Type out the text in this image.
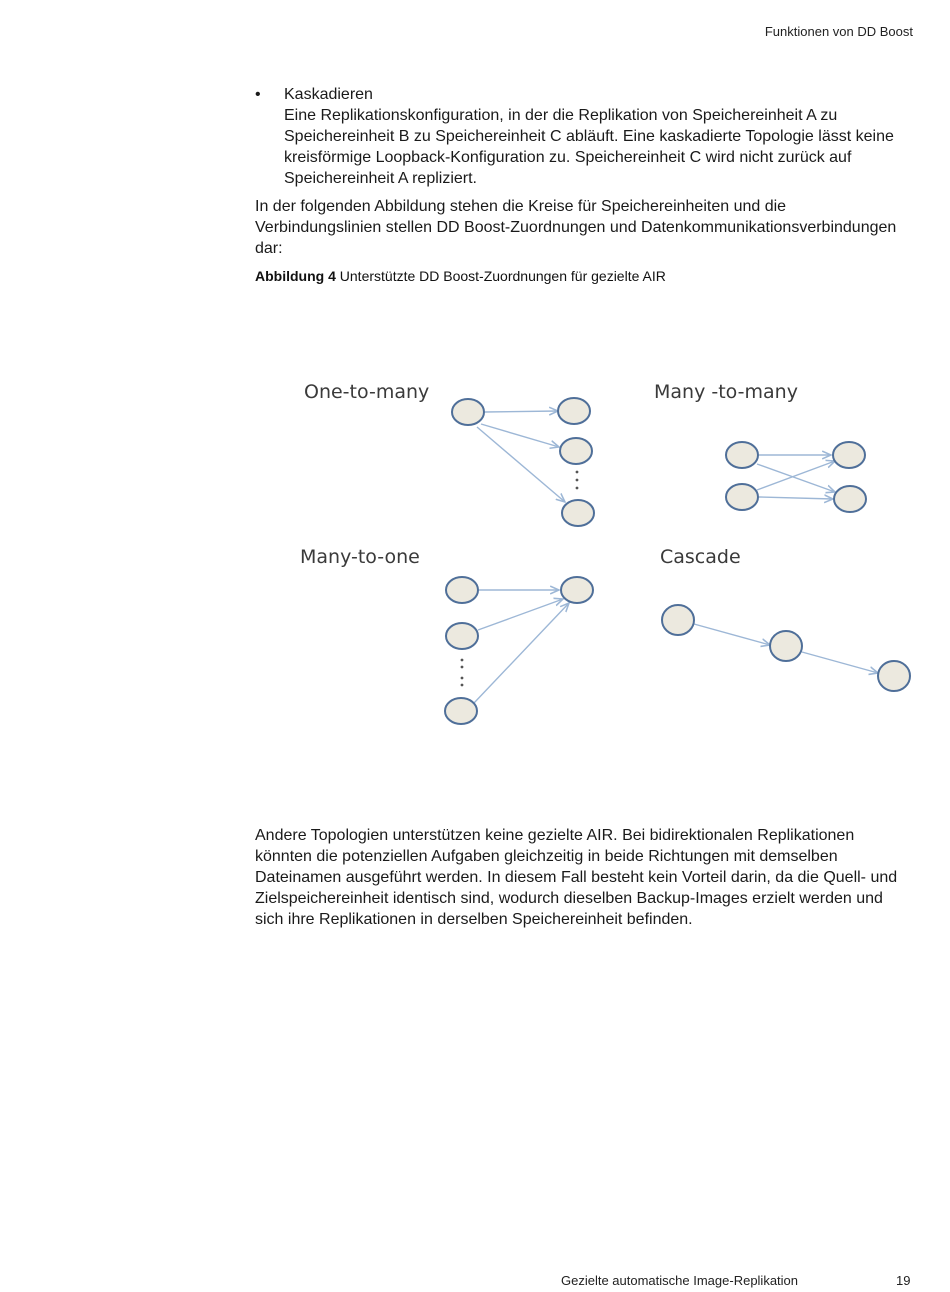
Funktionen von DD Boost
• Kaskadieren
Eine Replikationskonfiguration, in der die Replikation von Speichereinheit A zu Speichereinheit B zu Speichereinheit C abläuft. Eine kaskadierte Topologie lässt keine kreisförmige Loopback-Konfiguration zu. Speichereinheit C wird nicht zurück auf Speichereinheit A repliziert.
In der folgenden Abbildung stehen die Kreise für Speichereinheiten und die Verbindungslinien stellen DD Boost-Zuordnungen und Datenkommunikationsverbindungen dar:
Abbildung 4 Unterstützte DD Boost-Zuordnungen für gezielte AIR
One-to-many	Many -to-many
Many-to-one	Cascade
Andere Topologien unterstützen keine gezielte AIR. Bei bidirektionalen Replikationen könnten die potenziellen Aufgaben gleichzeitig in beide Richtungen mit demselben Dateinamen ausgeführt werden. In diesem Fall besteht kein Vorteil darin, da die Quell- und Zielspeichereinheit identisch sind, wodurch dieselben Backup-Images erzielt werden und sich ihre Replikationen in derselben Speichereinheit befinden.
Gezielte automatische Image-Replikation	19
